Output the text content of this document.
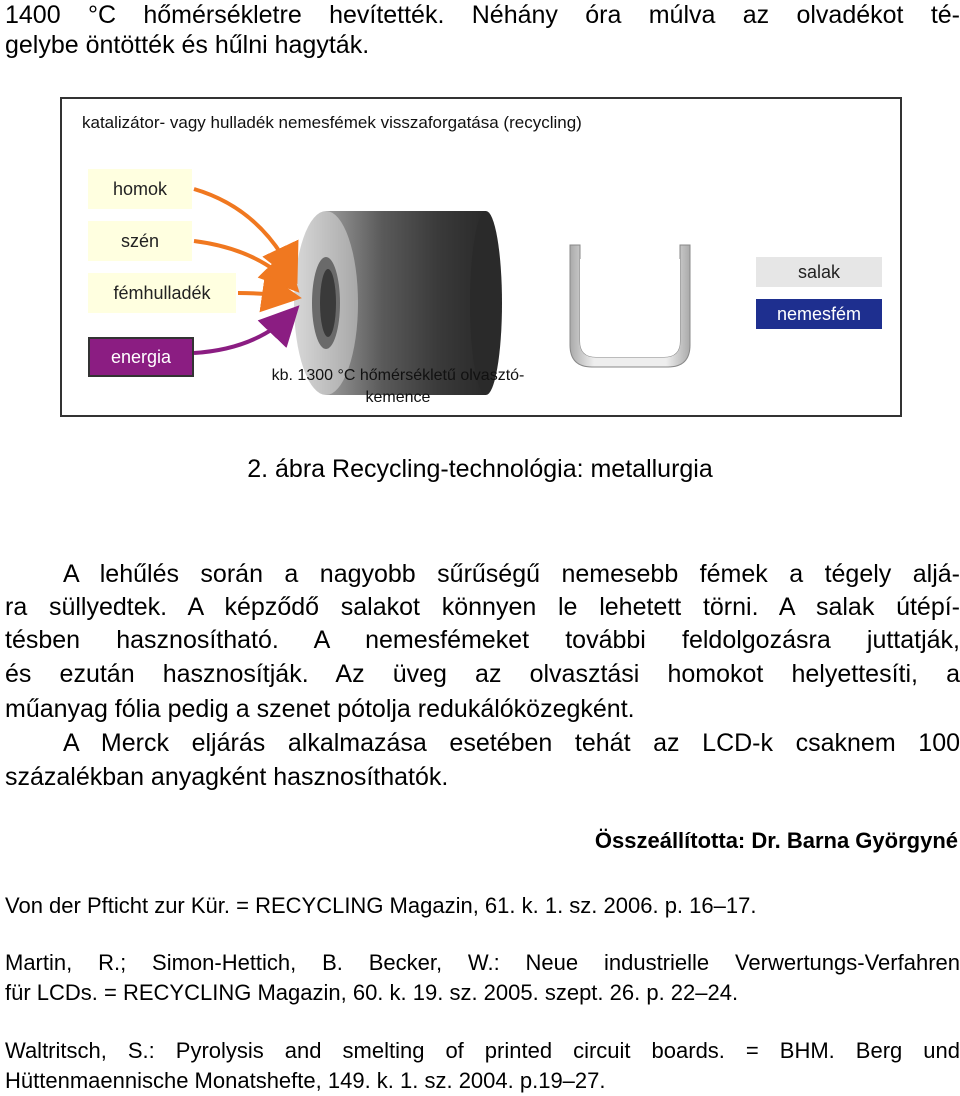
1400 °C hőmérsékletre hevítették. Néhány óra múlva az olvadékot té-
gelybe öntötték és hűlni hagyták.
katalizátor- vagy hulladék nemesfémek visszaforgatása (recycling)
homok
szén
fémhulladék
energia
kb. 1300 °C hőmérsékletű olvasztó-
kemence
salak
nemesfém
2. ábra Recycling-technológia: metallurgia
A lehűlés során a nagyobb sűrűségű nemesebb fémek a tégely aljá-
ra süllyedtek. A képződő salakot könnyen le lehetett törni. A salak útépí-
tésben hasznosítható. A nemesfémeket további feldolgozásra juttatják,
és ezután hasznosítják. Az üveg az olvasztási homokot helyettesíti, a
műanyag fólia pedig a szenet pótolja redukálóközegként.
A Merck eljárás alkalmazása esetében tehát az LCD-k csaknem 100
százalékban anyagként hasznosíthatók.
Összeállította: Dr. Barna Györgyné
Von der Pfticht zur Kür. = RECYCLING Magazin, 61. k. 1. sz. 2006. p. 16–17.
Martin, R.; Simon-Hettich, B. Becker, W.: Neue industrielle Verwertungs-Verfahren
für LCDs. = RECYCLING Magazin, 60. k. 19. sz. 2005. szept. 26. p. 22–24.
Waltritsch, S.: Pyrolysis and smelting of printed circuit boards. = BHM. Berg und
Hüttenmaennische Monatshefte, 149. k. 1. sz. 2004. p.19–27.
